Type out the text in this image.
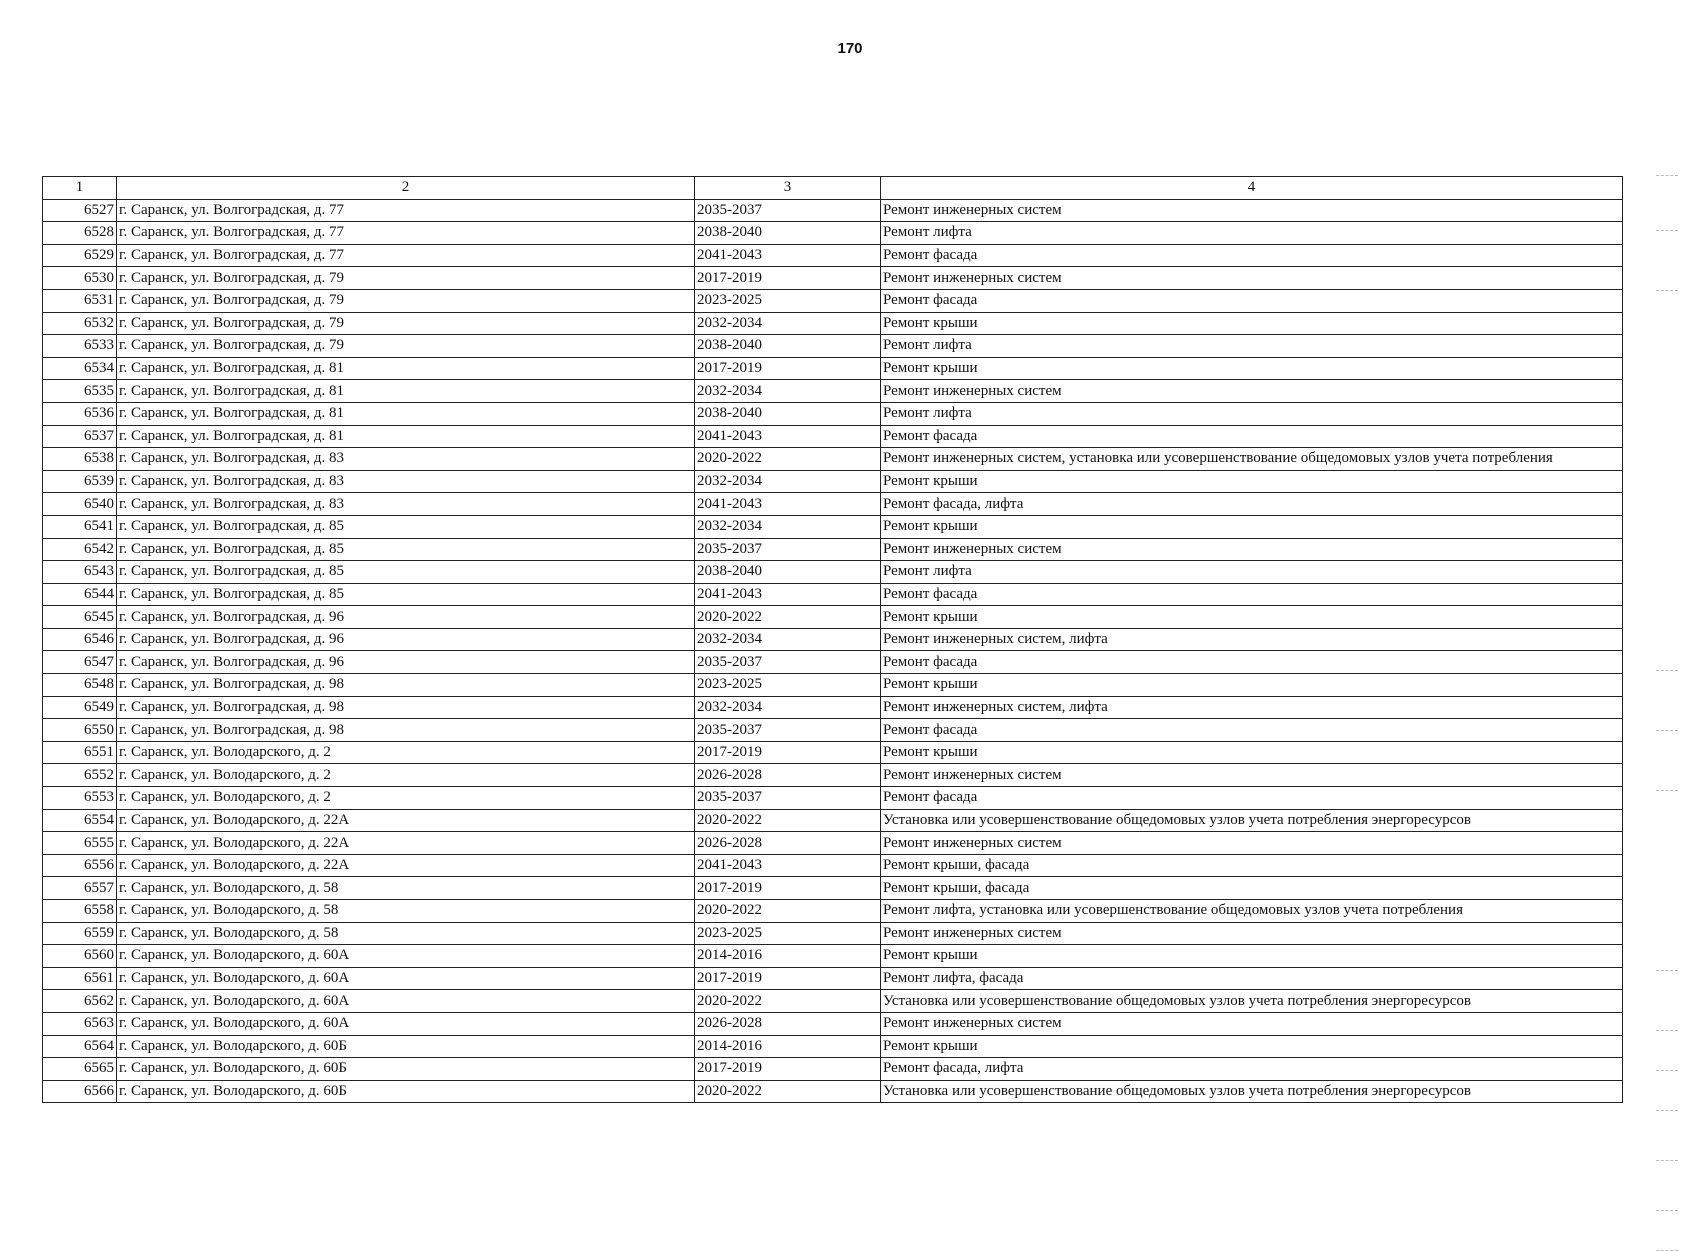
170
1	2	3	4
6527	г. Саранск, ул. Волгоградская, д. 77	2035-2037	Ремонт инженерных систем
6528	г. Саранск, ул. Волгоградская, д. 77	2038-2040	Ремонт лифта
6529	г. Саранск, ул. Волгоградская, д. 77	2041-2043	Ремонт фасада
6530	г. Саранск, ул. Волгоградская, д. 79	2017-2019	Ремонт инженерных систем
6531	г. Саранск, ул. Волгоградская, д. 79	2023-2025	Ремонт фасада
6532	г. Саранск, ул. Волгоградская, д. 79	2032-2034	Ремонт крыши
6533	г. Саранск, ул. Волгоградская, д. 79	2038-2040	Ремонт лифта
6534	г. Саранск, ул. Волгоградская, д. 81	2017-2019	Ремонт крыши
6535	г. Саранск, ул. Волгоградская, д. 81	2032-2034	Ремонт инженерных систем
6536	г. Саранск, ул. Волгоградская, д. 81	2038-2040	Ремонт лифта
6537	г. Саранск, ул. Волгоградская, д. 81	2041-2043	Ремонт фасада
6538	г. Саранск, ул. Волгоградская, д. 83	2020-2022	Ремонт инженерных систем, установка или усовершенствование общедомовых узлов учета потребления
6539	г. Саранск, ул. Волгоградская, д. 83	2032-2034	Ремонт крыши
6540	г. Саранск, ул. Волгоградская, д. 83	2041-2043	Ремонт фасада, лифта
6541	г. Саранск, ул. Волгоградская, д. 85	2032-2034	Ремонт крыши
6542	г. Саранск, ул. Волгоградская, д. 85	2035-2037	Ремонт инженерных систем
6543	г. Саранск, ул. Волгоградская, д. 85	2038-2040	Ремонт лифта
6544	г. Саранск, ул. Волгоградская, д. 85	2041-2043	Ремонт фасада
6545	г. Саранск, ул. Волгоградская, д. 96	2020-2022	Ремонт крыши
6546	г. Саранск, ул. Волгоградская, д. 96	2032-2034	Ремонт инженерных систем, лифта
6547	г. Саранск, ул. Волгоградская, д. 96	2035-2037	Ремонт фасада
6548	г. Саранск, ул. Волгоградская, д. 98	2023-2025	Ремонт крыши
6549	г. Саранск, ул. Волгоградская, д. 98	2032-2034	Ремонт инженерных систем, лифта
6550	г. Саранск, ул. Волгоградская, д. 98	2035-2037	Ремонт фасада
6551	г. Саранск, ул. Володарского, д. 2	2017-2019	Ремонт крыши
6552	г. Саранск, ул. Володарского, д. 2	2026-2028	Ремонт инженерных систем
6553	г. Саранск, ул. Володарского, д. 2	2035-2037	Ремонт фасада
6554	г. Саранск, ул. Володарского, д. 22А	2020-2022	Установка или усовершенствование общедомовых узлов учета потребления энергоресурсов
6555	г. Саранск, ул. Володарского, д. 22А	2026-2028	Ремонт инженерных систем
6556	г. Саранск, ул. Володарского, д. 22А	2041-2043	Ремонт крыши, фасада
6557	г. Саранск, ул. Володарского, д. 58	2017-2019	Ремонт крыши, фасада
6558	г. Саранск, ул. Володарского, д. 58	2020-2022	Ремонт лифта, установка или усовершенствование общедомовых узлов учета потребления
6559	г. Саранск, ул. Володарского, д. 58	2023-2025	Ремонт инженерных систем
6560	г. Саранск, ул. Володарского, д. 60А	2014-2016	Ремонт крыши
6561	г. Саранск, ул. Володарского, д. 60А	2017-2019	Ремонт лифта, фасада
6562	г. Саранск, ул. Володарского, д. 60А	2020-2022	Установка или усовершенствование общедомовых узлов учета потребления энергоресурсов
6563	г. Саранск, ул. Володарского, д. 60А	2026-2028	Ремонт инженерных систем
6564	г. Саранск, ул. Володарского, д. 60Б	2014-2016	Ремонт крыши
6565	г. Саранск, ул. Володарского, д. 60Б	2017-2019	Ремонт фасада, лифта
6566	г. Саранск, ул. Володарского, д. 60Б	2020-2022	Установка или усовершенствование общедомовых узлов учета потребления энергоресурсов
